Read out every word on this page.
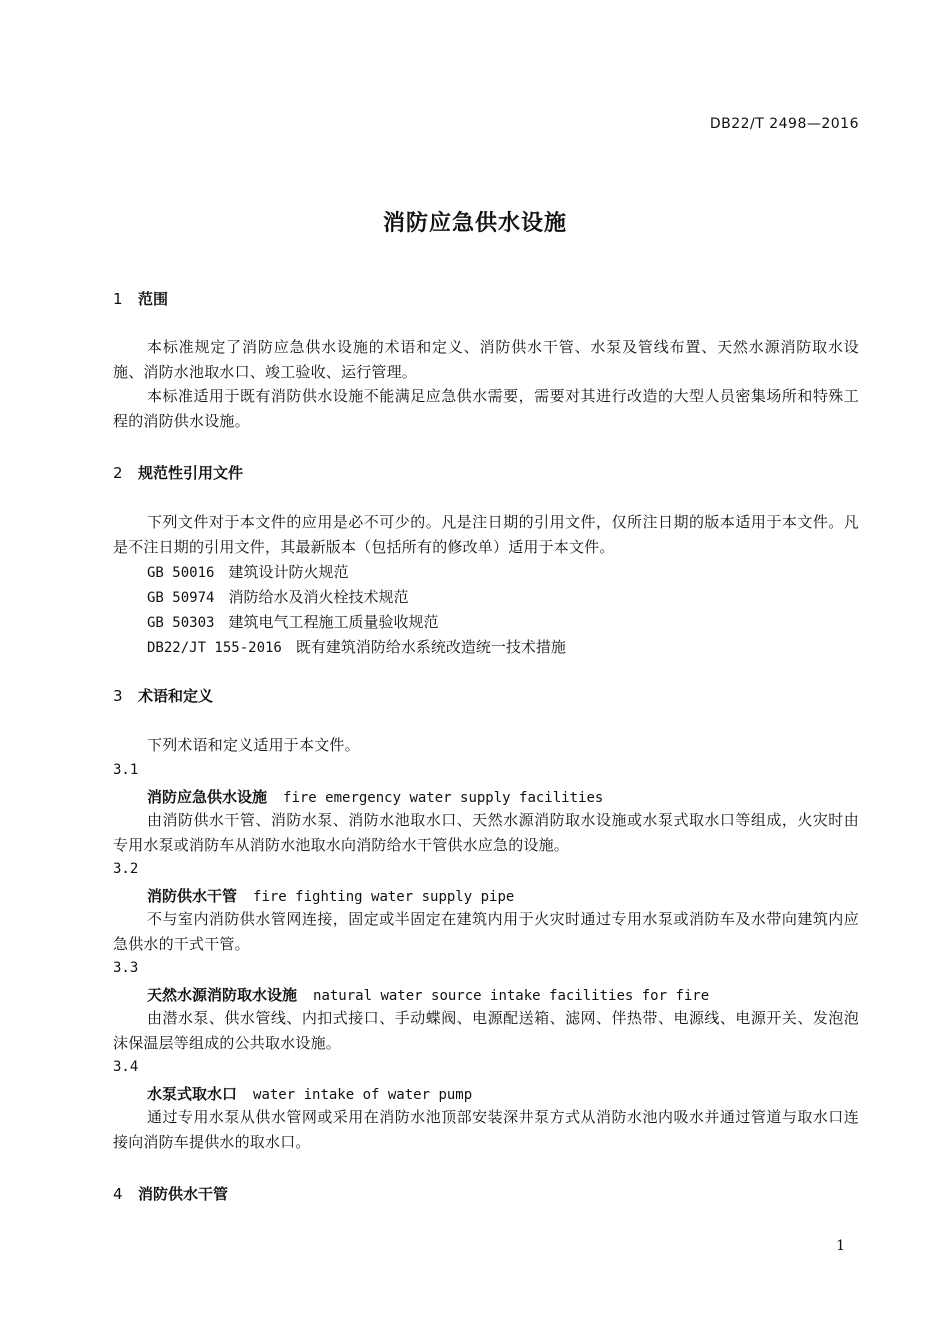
DB22/T 2498—2016
消防应急供水设施
1 范围
本标准规定了消防应急供水设施的术语和定义、消防供水干管、水泵及管线布置、天然水源消防取水设施、消防水池取水口、竣工验收、运行管理。
本标准适用于既有消防供水设施不能满足应急供水需要，需要对其进行改造的大型人员密集场所和特殊工程的消防供水设施。
2 规范性引用文件
下列文件对于本文件的应用是必不可少的。凡是注日期的引用文件，仅所注日期的版本适用于本文件。凡是不注日期的引用文件，其最新版本（包括所有的修改单）适用于本文件。
GB 50016 建筑设计防火规范
GB 50974 消防给水及消火栓技术规范
GB 50303 建筑电气工程施工质量验收规范
DB22/JT 155-2016 既有建筑消防给水系统改造统一技术措施
3 术语和定义
下列术语和定义适用于本文件。
3.1
消防应急供水设施 fire emergency water supply facilities
由消防供水干管、消防水泵、消防水池取水口、天然水源消防取水设施或水泵式取水口等组成，火灾时由专用水泵或消防车从消防水池取水向消防给水干管供水应急的设施。
3.2
消防供水干管 fire fighting water supply pipe
不与室内消防供水管网连接，固定或半固定在建筑内用于火灾时通过专用水泵或消防车及水带向建筑内应急供水的干式干管。
3.3
天然水源消防取水设施 natural water source intake facilities for fire
由潜水泵、供水管线、内扣式接口、手动蝶阀、电源配送箱、滤网、伴热带、电源线、电源开关、发泡泡沫保温层等组成的公共取水设施。
3.4
水泵式取水口 water intake of water pump
通过专用水泵从供水管网或采用在消防水池顶部安装深井泵方式从消防水池内吸水并通过管道与取水口连接向消防车提供水的取水口。
4 消防供水干管
1
